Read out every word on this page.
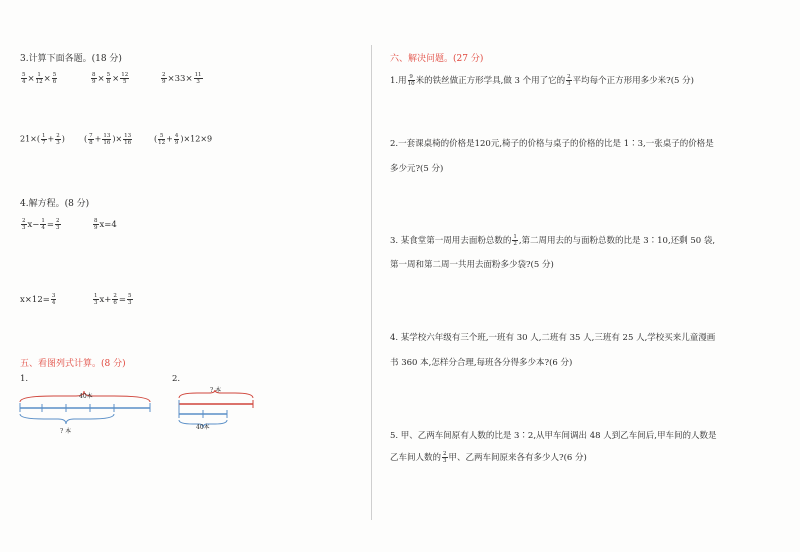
3.计算下面各题。(18 分)
$\frac{5}{4} \times \frac{1}{12} \times \frac{5}{6}$	$\frac{8}{9} \times \frac{5}{8} \times \frac{12}{5}$	$\frac{2}{9} \times 33\times \frac{11}{3}$
$21\times( \frac{1}{7} + \frac{2}{3}$ ) ( $\frac{7}{8} + \frac{13}{16}$ )× $\frac{13}{16}$	( $\frac{5}{12} + \frac{4}{9} )\times 12\times 9$
4.解方程。(8 分)
$\frac{2}{3} x- \frac{1}{4} = \frac{2}{3}$	$\frac{8}{9} x=4$
$x\times 12= \frac{3}{4}$	$\frac{1}{3} x+ \frac{2}{6} = \frac{5}{3}$
五、看图列式计算。(8 分)
1.	2.
40本
? 本
? 本
40本
六、解决问题。(27 分)
1.用 $\frac{9}{10}$ 米的铁丝做正方形学具,做 3 个用了它的 $\frac{2}{3}$ 平均每个正方形用多少米?(5 分)
2.一套课桌椅的价格是120元,椅子的价格与桌子的价格的比是 1∶3,一张桌子的价格是
多少元?(5 分)
3. 某食堂第一周用去面粉总数的 $\frac{1}{2}$ ,第二周用去的与面粉总数的比是 3∶10,还剩 50 袋,
第一周和第二周一共用去面粉多少袋?(5 分)
4. 某学校六年级有三个班,一班有 30 人,二班有 35 人,三班有 25 人,学校买来儿童漫画
书 360 本,怎样分合理,每班各分得多少本?(6 分)
5. 甲、乙两车间原有人数的比是 3∶2,从甲车间调出 48 人到乙车间后,甲车间的人数是
乙车间人数的 $\frac{2}{3}$ 甲、乙两车间原来各有多少人?(6 分)
